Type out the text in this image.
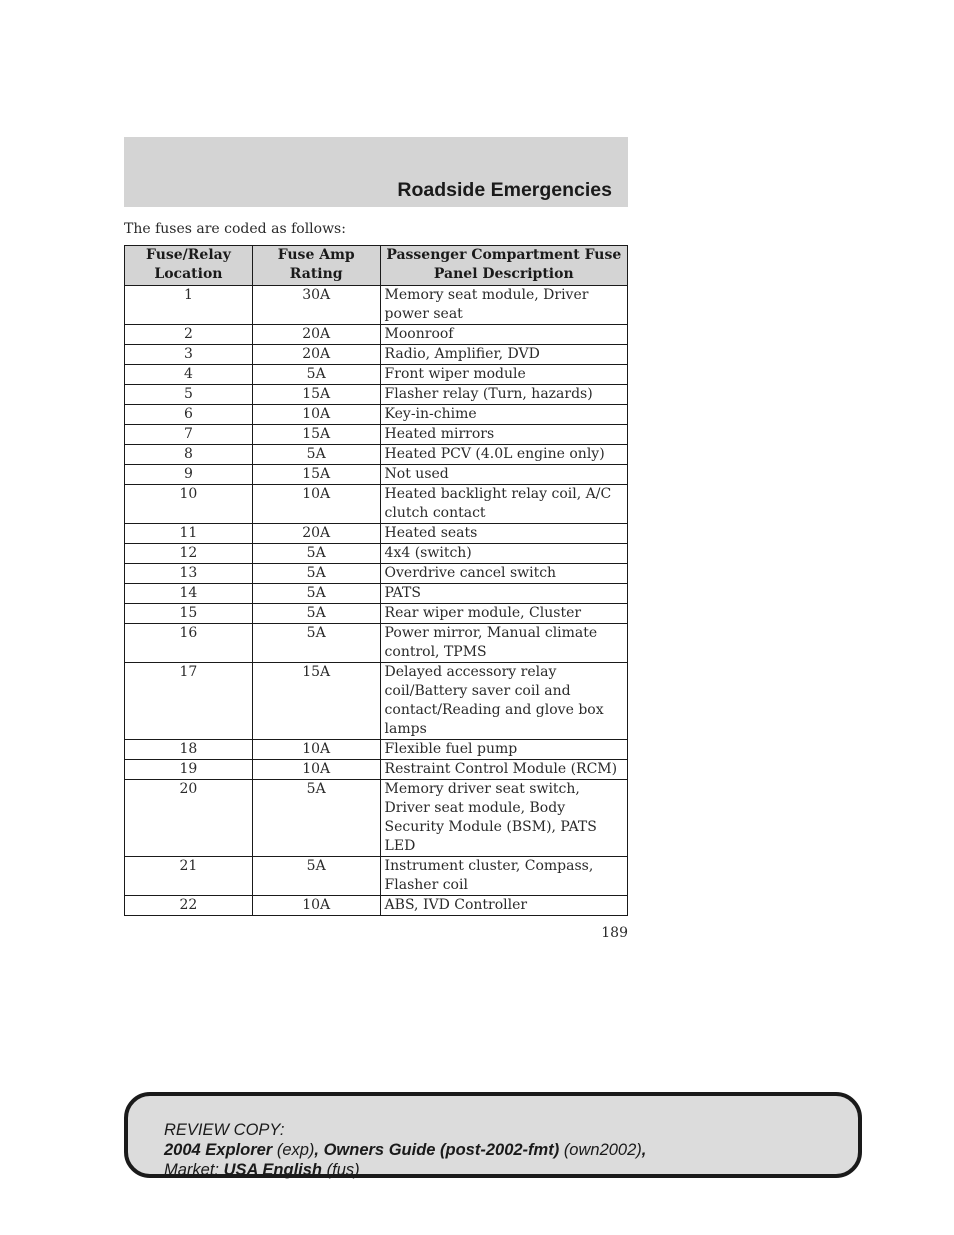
Roadside Emergencies
The fuses are coded as follows:
Fuse/Relay Location	Fuse Amp Rating	Passenger Compartment Fuse Panel Description
1	30A	Memory seat module, Driver power seat
2	20A	Moonroof
3	20A	Radio, Amplifier, DVD
4	5A	Front wiper module
5	15A	Flasher relay (Turn, hazards)
6	10A	Key-in-chime
7	15A	Heated mirrors
8	5A	Heated PCV (4.0L engine only)
9	15A	Not used
10	10A	Heated backlight relay coil, A/C clutch contact
11	20A	Heated seats
12	5A	4x4 (switch)
13	5A	Overdrive cancel switch
14	5A	PATS
15	5A	Rear wiper module, Cluster
16	5A	Power mirror, Manual climate control, TPMS
17	15A	Delayed accessory relay coil/Battery saver coil and contact/Reading and glove box lamps
18	10A	Flexible fuel pump
19	10A	Restraint Control Module (RCM)
20	5A	Memory driver seat switch, Driver seat module, Body Security Module (BSM), PATS LED
21	5A	Instrument cluster, Compass, Flasher coil
22	10A	ABS, IVD Controller
189
REVIEW COPY:
2004 Explorer (exp), Owners Guide (post-2002-fmt) (own2002),
Market: USA English (fus)
